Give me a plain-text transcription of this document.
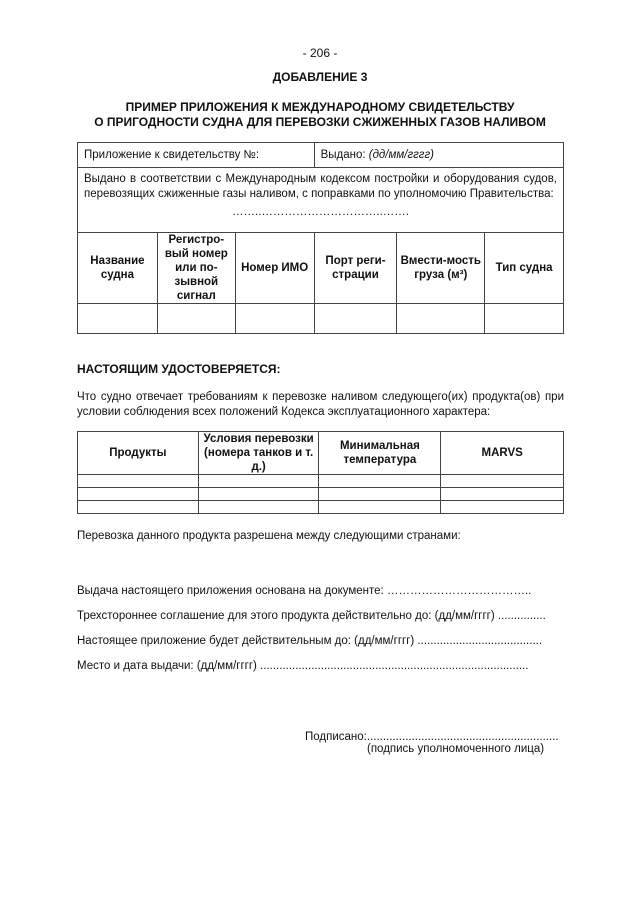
- 206 -
ДОБАВЛЕНИЕ 3
ПРИМЕР ПРИЛОЖЕНИЯ К МЕЖДУНАРОДНОМУ СВИДЕТЕЛЬСТВУ
О ПРИГОДНОСТИ СУДНА ДЛЯ ПЕРЕВОЗКИ СЖИЖЕННЫХ ГАЗОВ НАЛИВОМ
Приложение к свидетельству №:			Выдано: (дд/мм/гггг)		

Выдано в соответствии с Международным кодексом постройки и оборудования судов, перевозящих сжиженные газы наливом, с поправками по уполномочию Правительства:
……..…………………………..…….					

Название судна	Регистро-вый номер или по-зывной сигнал	Номер ИМО	Порт реги-страции	Вмести-мость груза (м³)	Тип судна

НАСТОЯЩИМ УДОСТОВЕРЯЕТСЯ:
Что судно отвечает требованиям к перевозке наливом следующего(их) продукта(ов) при условии соблюдения всех положений Кодекса эксплуатационного характера:
Продукты	Условия перевозки (номера танков и т. д.)	Минимальная температура	MARVS

Перевозка данного продукта разрешена между следующими странами:
Выдача настоящего приложения основана на документе: ………………………………..
Трехстороннее соглашение для этого продукта действительно до: (дд/мм/гггг) ...............
Настоящее приложение будет действительным до: (дд/мм/гггг) .......................................
Место и дата выдачи: (дд/мм/гггг) ....................................................................................
Подписано:............................................................
(подпись уполномоченного лица)
